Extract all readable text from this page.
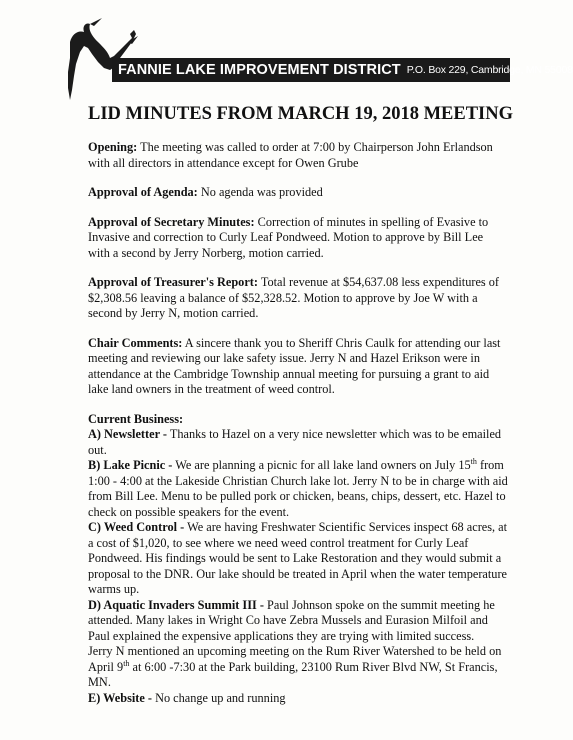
FANNIE LAKE IMPROVEMENT DISTRICT P.O. Box 229, Cambridge, MN 55008
LID MINUTES FROM MARCH 19, 2018 MEETING

Opening: The meeting was called to order at 7:00 by Chairperson John Erlandson with all directors in attendance except for Owen Grube

Approval of Agenda: No agenda was provided

Approval of Secretary Minutes: Correction of minutes in spelling of Evasive to Invasive and correction to Curly Leaf Pondweed. Motion to approve by Bill Lee with a second by Jerry Norberg, motion carried.

Approval of Treasurer's Report: Total revenue at $54,637.08 less expenditures of $2,308.56 leaving a balance of $52,328.52. Motion to approve by Joe W with a second by Jerry N, motion carried.

Chair Comments: A sincere thank you to Sheriff Chris Caulk for attending our last meeting and reviewing our lake safety issue. Jerry N and Hazel Erikson were in attendance at the Cambridge Township annual meeting for pursuing a grant to aid lake land owners in the treatment of weed control.

Current Business:

A) Newsletter - Thanks to Hazel on a very nice newsletter which was to be emailed out.

B) Lake Picnic - We are planning a picnic for all lake land owners on July 15th from 1:00 - 4:00 at the Lakeside Christian Church lake lot. Jerry N to be in charge with aid from Bill Lee. Menu to be pulled pork or chicken, beans, chips, dessert, etc. Hazel to check on possible speakers for the event.

C) Weed Control - We are having Freshwater Scientific Services inspect 68 acres, at a cost of $1,020, to see where we need weed control treatment for Curly Leaf Pondweed. His findings would be sent to Lake Restoration and they would submit a proposal to the DNR. Our lake should be treated in April when the water temperature warms up.

D) Aquatic Invaders Summit III - Paul Johnson spoke on the summit meeting he attended. Many lakes in Wright Co have Zebra Mussels and Eurasion Milfoil and Paul explained the expensive applications they are trying with limited success.
Jerry N mentioned an upcoming meeting on the Rum River Watershed to be held on April 9th at 6:00 -7:30 at the Park building, 23100 Rum River Blvd NW, St Francis, MN.

E) Website - No change up and running
